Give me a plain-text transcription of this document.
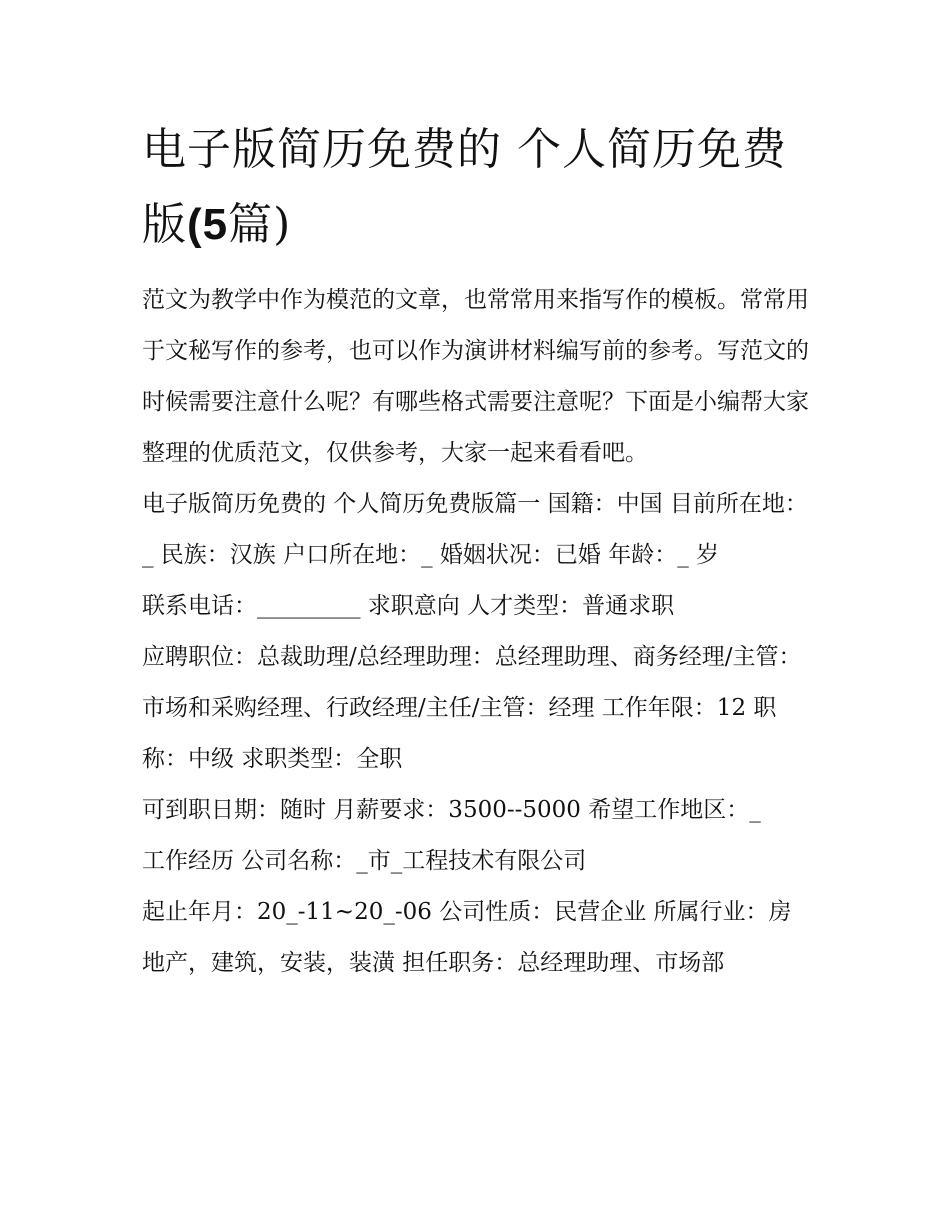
电子版简历免费的 个人简历免费版(5篇)

范文为教学中作为模范的文章，也常常用来指写作的模板。常常用于文秘写作的参考，也可以作为演讲材料编写前的参考。写范文的时候需要注意什么呢？有哪些格式需要注意呢？下面是小编帮大家整理的优质范文，仅供参考，大家一起来看看吧。

电子版简历免费的 个人简历免费版篇一 国籍：中国 目前所在地：_ 民族：汉族 户口所在地：_ 婚姻状况：已婚 年龄：_ 岁

联系电话：_________ 求职意向 人才类型：普通求职

应聘职位：总裁助理/总经理助理：总经理助理、商务经理/主管：市场和采购经理、行政经理/主任/主管：经理 工作年限：12 职称：中级 求职类型：全职

可到职日期：随时 月薪要求：3500--5000 希望工作地区：_

工作经历 公司名称：_市_工程技术有限公司

起止年月：20_-11~20_-06 公司性质：民营企业 所属行业：房地产，建筑，安装，装潢 担任职务：总经理助理、市场部
